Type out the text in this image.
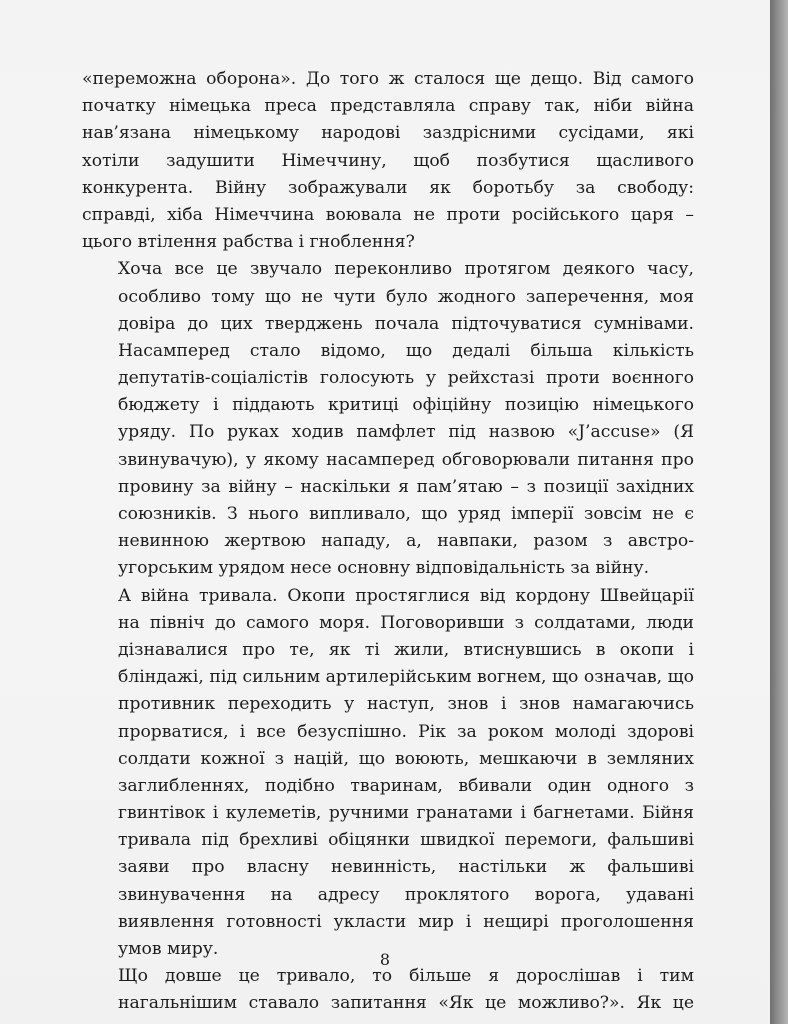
«переможна оборона». До того ж сталося ще дещо. Від самого
початку німецька преса представляла справу так, ніби війна
нав’язана німецькому народові заздрісними сусідами, які
хотіли задушити Німеччину, щоб позбутися щасливого
конкурента. Війну зображували як боротьбу за свободу:
справді, хіба Німеччина воювала не проти російського царя –
цього втілення рабства і гноблення?

Хоча все це звучало переконливо протягом деякого часу,
особливо тому що не чути було жодного заперечення, моя
довіра до цих тверджень почала підточуватися сумнівами.
Насамперед стало відомо, що дедалі більша кількість
депутатів-соціалістів голосують у рейхстазі проти воєнного
бюджету і піддають критиці офіційну позицію німецького
уряду. По руках ходив памфлет під назвою «J’accuse» (Я
звинувачую), у якому насамперед обговорювали питання про
провину за війну – наскільки я пам’ятаю – з позиції західних
союзників. З нього випливало, що уряд імперії зовсім не є
невинною жертвою нападу, а, навпаки, разом з австро-
угорським урядом несе основну відповідальність за війну.

А війна тривала. Окопи простяглися від кордону Швейцарії
на північ до самого моря. Поговоривши з солдатами, люди
дізнавалися про те, як ті жили, втиснувшись в окопи і
бліндажі, під сильним артилерійським вогнем, що означав, що
противник переходить у наступ, знов і знов намагаючись
прорватися, і все безуспішно. Рік за роком молоді здорові
солдати кожної з націй, що воюють, мешкаючи в земляних
заглибленнях, подібно тваринам, вбивали один одного з
гвинтівок і кулеметів, ручними гранатами і багнетами. Бійня
тривала під брехливі обіцянки швидкої перемоги, фальшиві
заяви про власну невинність, настільки ж фальшиві
звинувачення на адресу проклятого ворога, удавані
виявлення готовності укласти мир і нещирі проголошення
умов миру.

Що довше це тривало, то більше я дорослішав і тим
нагальнішим ставало запитання «Як це можливо?». Як це

8
